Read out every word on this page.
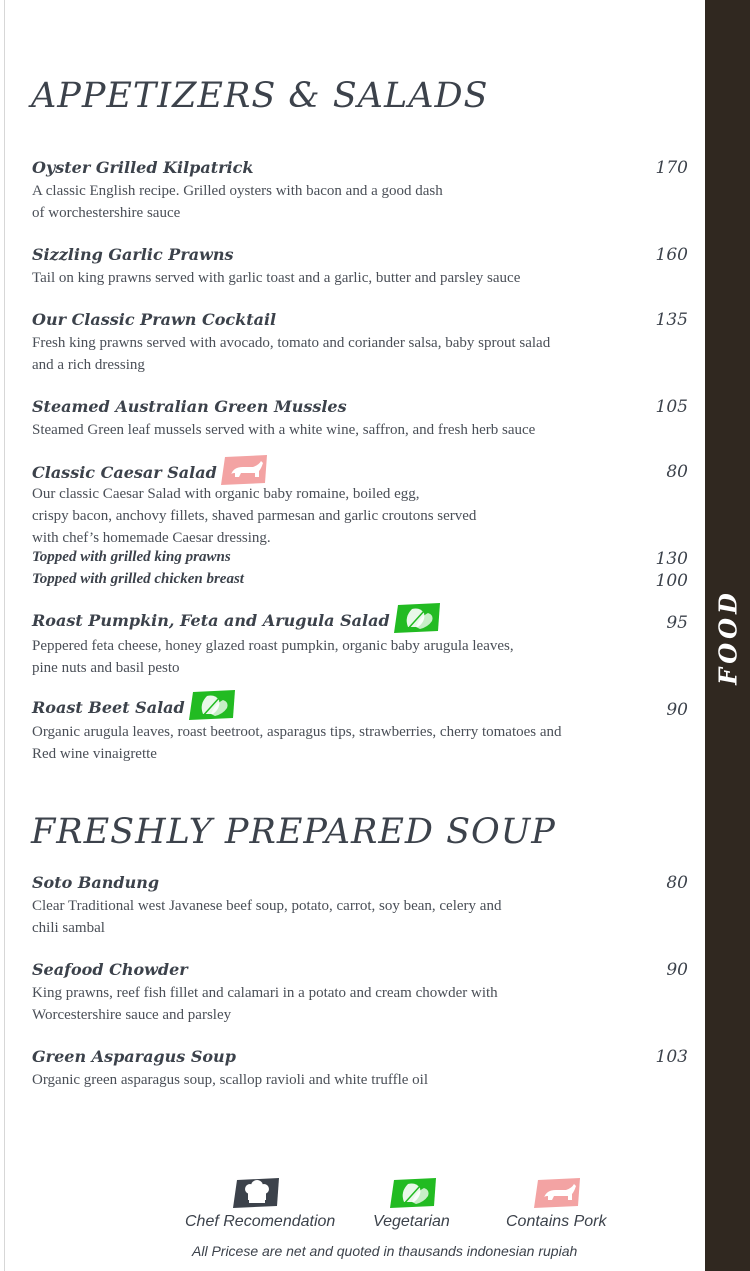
FOOD
APPETIZERS & SALADS
Oyster Grilled Kilpatrick	170
A classic English recipe. Grilled oysters with bacon and a good dash
of worchestershire sauce
Sizzling Garlic Prawns	160
Tail on king prawns served with garlic toast and a garlic, butter and parsley sauce
Our Classic Prawn Cocktail	135
Fresh king prawns served with avocado, tomato and coriander salsa, baby sprout salad
and a rich dressing
Steamed Australian Green Mussles	105
Steamed Green leaf mussels served with a white wine, saffron, and fresh herb sauce
Classic Caesar Salad	80
Our classic Caesar Salad with organic baby romaine, boiled egg,
crispy bacon, anchovy fillets, shaved parmesan and garlic croutons served
with chef’s homemade Caesar dressing.
Topped with grilled king prawns	130
Topped with grilled chicken breast	100
Roast Pumpkin, Feta and Arugula Salad	95
Peppered feta cheese, honey glazed roast pumpkin, organic baby arugula leaves,
pine nuts and basil pesto
Roast Beet Salad	90
Organic arugula leaves, roast beetroot, asparagus tips, strawberries, cherry tomatoes and
Red wine vinaigrette
FRESHLY PREPARED SOUP
Soto Bandung	80
Clear Traditional west Javanese beef soup, potato, carrot, soy bean, celery and
chili sambal
Seafood Chowder	90
King prawns, reef fish fillet and calamari in a potato and cream chowder with
Worcestershire sauce and parsley
Green Asparagus Soup	103
Organic green asparagus soup, scallop ravioli and white truffle oil
Chef Recomendation Vegetarian	Contains Pork
All Pricese are net and quoted in thausands indonesian rupiah
